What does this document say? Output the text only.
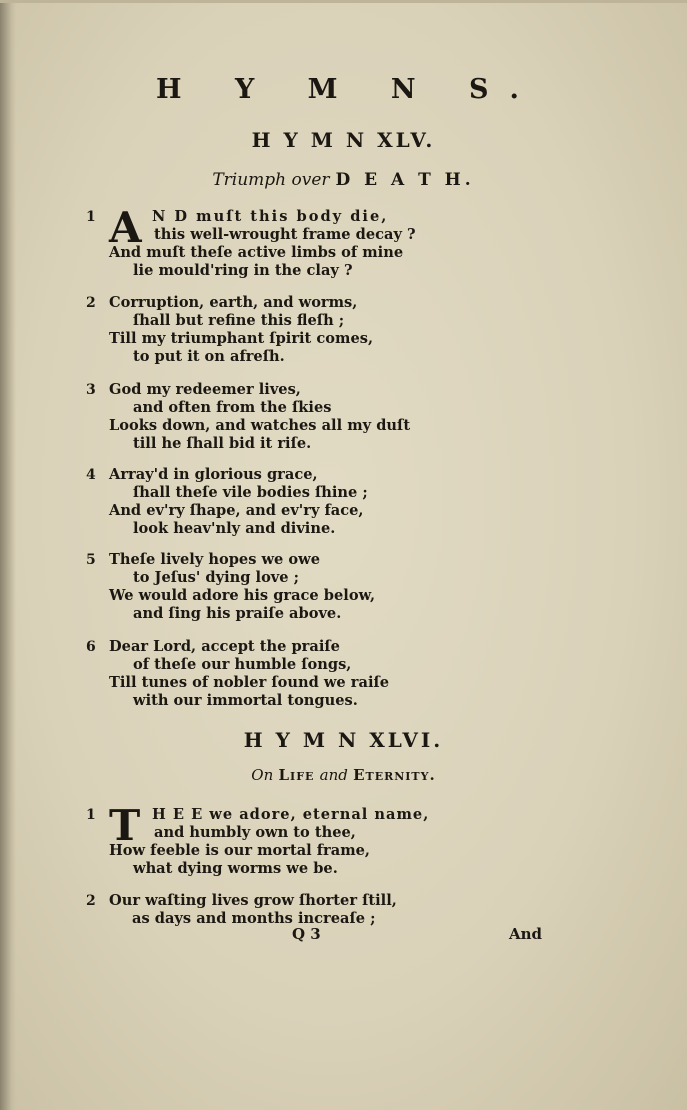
H Y M N S.
H Y M N XLV.
Triumph over D E A T H.
1 A N D muſt this body die,
this well-wrought frame decay ?
And muſt theſe active limbs of mine
lie mould'ring in the clay ?
2 Corruption, earth, and worms,
ſhall but refine this fleſh ;
Till my triumphant ſpirit comes,
to put it on afreſh.
3 God my redeemer lives,
and often from the ſkies
Looks down, and watches all my duſt
till he ſhall bid it riſe.
4 Array'd in glorious grace,
ſhall theſe vile bodies ſhine ;
And ev'ry ſhape, and ev'ry face,
look heav'nly and divine.
5 Theſe lively hopes we owe
to Jeſus' dying love ;
We would adore his grace below,
and ſing his praiſe above.
6 Dear Lord, accept the praiſe
of theſe our humble ſongs,
Till tunes of nobler ſound we raiſe
with our immortal tongues.
H Y M N XLVI.
On Life and Eternity.
1 T H E E we adore, eternal name,
and humbly own to thee,
How feeble is our mortal frame,
what dying worms we be.
2 Our waſting lives grow ſhorter ſtill,
as days and months increaſe ;
Q 3	And
